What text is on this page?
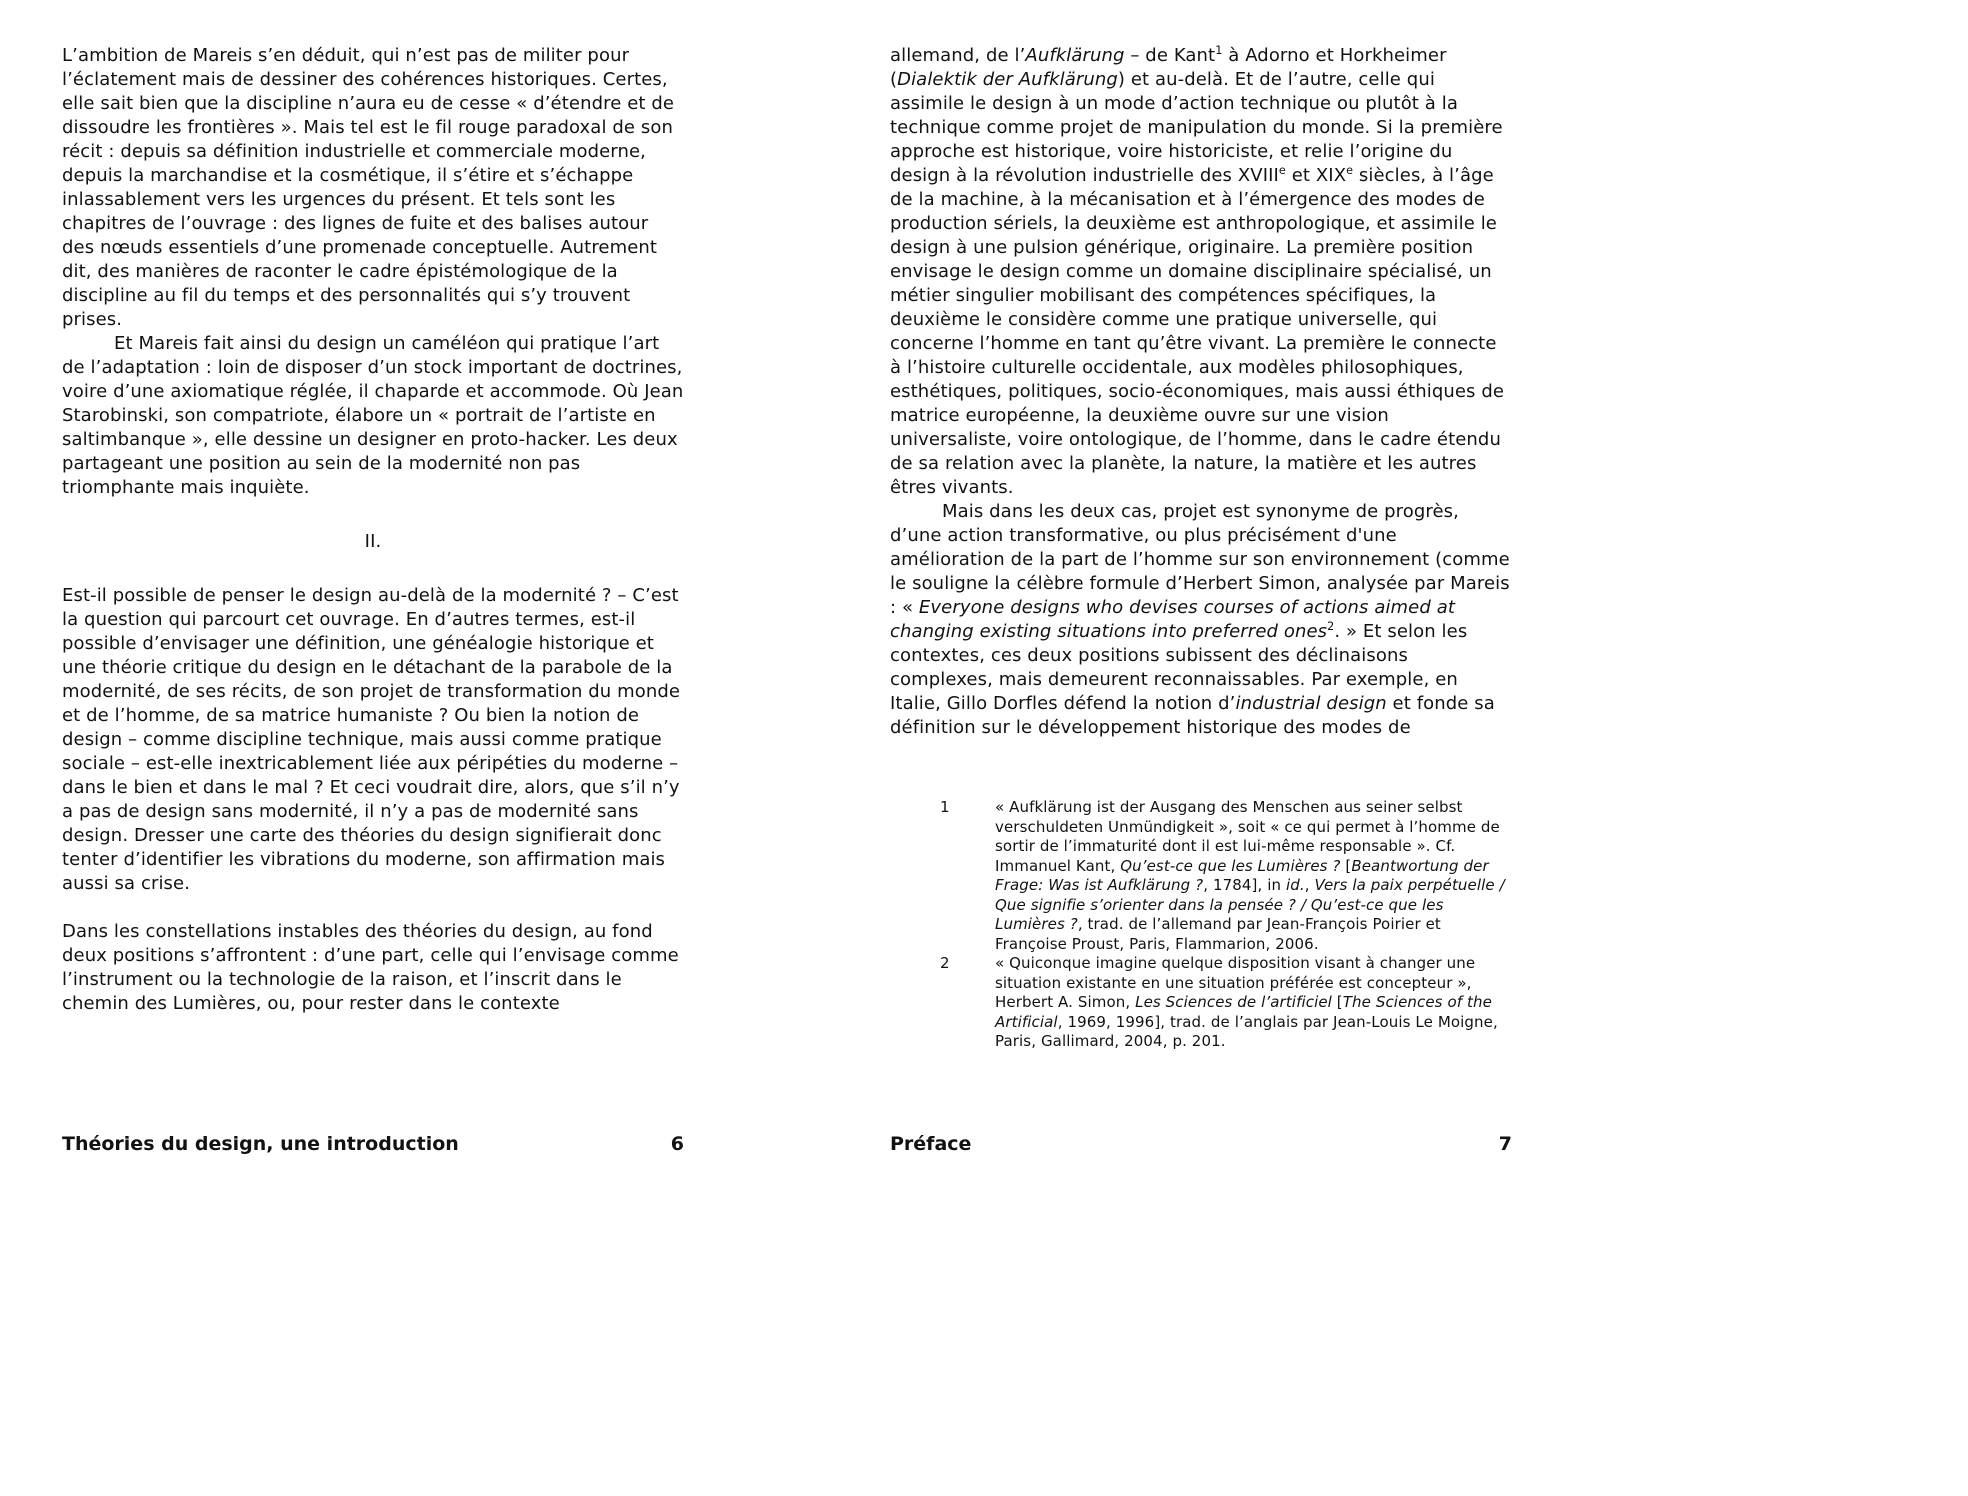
L’ambition de Mareis s’en déduit, qui n’est pas de militer pour l’éclatement mais de dessiner des cohérences historiques. Certes, elle sait bien que la discipline n’aura eu de cesse « d’étendre et de dissoudre les frontières ». Mais tel est le fil rouge paradoxal de son récit : depuis sa définition industrielle et commerciale moderne, depuis la marchandise et la cosmétique, il s’étire et s’échappe inlassablement vers les urgences du présent. Et tels sont les chapitres de l’ouvrage : des lignes de fuite et des balises autour des nœuds essentiels d’une promenade conceptuelle. Autrement dit, des manières de raconter le cadre épistémologique de la discipline au fil du temps et des personnalités qui s’y trouvent prises.

Et Mareis fait ainsi du design un caméléon qui pratique l’art de l’adaptation : loin de disposer d’un stock important de doctrines, voire d’une axiomatique réglée, il chaparde et accommode. Où Jean Starobinski, son compatriote, élabore un « portrait de l’artiste en saltimbanque », elle dessine un designer en proto-hacker. Les deux partageant une position au sein de la modernité non pas triomphante mais inquiète.

II.

Est-il possible de penser le design au-delà de la modernité ? – C’est la question qui parcourt cet ouvrage. En d’autres termes, est-il possible d’envisager une définition, une généalogie historique et une théorie critique du design en le détachant de la parabole de la modernité, de ses récits, de son projet de transformation du monde et de l’homme, de sa matrice humaniste ? Ou bien la notion de design – comme discipline technique, mais aussi comme pratique sociale – est-elle inextricablement liée aux péripéties du moderne – dans le bien et dans le mal ? Et ceci voudrait dire, alors, que s’il n’y a pas de design sans modernité, il n’y a pas de modernité sans design. Dresser une carte des théories du design signifierait donc tenter d’identifier les vibrations du moderne, son affirmation mais aussi sa crise.

Dans les constellations instables des théories du design, au fond deux positions s’affrontent : d’une part, celle qui l’envisage comme l’instrument ou la technologie de la raison, et l’inscrit dans le chemin des Lumières, ou, pour rester dans le contexte

Théories du design, une introduction	6

allemand, de l’Aufklärung – de Kant$^1$ à Adorno et Horkheimer (Dialektik der Aufklärung) et au-delà. Et de l’autre, celle qui assimile le design à un mode d’action technique ou plutôt à la technique comme projet de manipulation du monde. Si la première approche est historique, voire historiciste, et relie l’origine du design à la révolution industrielle des XVIIIe et XIXe siècles, à l’âge de la machine, à la mécanisation et à l’émergence des modes de production sériels, la deuxième est anthropologique, et assimile le design à une pulsion générique, originaire. La première position envisage le design comme un domaine disciplinaire spécialisé, un métier singulier mobilisant des compétences spécifiques, la deuxième le considère comme une pratique universelle, qui concerne l’homme en tant qu’être vivant. La première le connecte à l’histoire culturelle occidentale, aux modèles philosophiques, esthétiques, politiques, socio-économiques, mais aussi éthiques de matrice européenne, la deuxième ouvre sur une vision universaliste, voire ontologique, de l’homme, dans le cadre étendu de sa relation avec la planète, la nature, la matière et les autres êtres vivants.

Mais dans les deux cas, projet est synonyme de progrès, d’une action transformative, ou plus précisément d'une amélioration de la part de l’homme sur son environnement (comme le souligne la célèbre formule d’Herbert Simon, analysée par Mareis : « Everyone designs who devises courses of actions aimed at changing existing situations into preferred ones$^2$. » Et selon les contextes, ces deux positions subissent des déclinaisons complexes, mais demeurent reconnaissables. Par exemple, en Italie, Gillo Dorfles défend la notion d’industrial design et fonde sa définition sur le développement historique des modes de

1	« Aufklärung ist der Ausgang des Menschen aus seiner selbst verschuldeten Unmündigkeit », soit « ce qui permet à l’homme de sortir de l’immaturité dont il est lui-même responsable ». Cf. Immanuel Kant, Qu’est-ce que les Lumières ? [Beantwortung der Frage: Was ist Aufklärung ?, 1784], in id., Vers la paix perpétuelle / Que signifie s’orienter dans la pensée ? / Qu’est-ce que les Lumières ?, trad. de l’allemand par Jean-François Poirier et Françoise Proust, Paris, Flammarion, 2006.
2	« Quiconque imagine quelque disposition visant à changer une situation existante en une situation préférée est concepteur », Herbert A. Simon, Les Sciences de l’artificiel [The Sciences of the Artificial, 1969, 1996], trad. de l’anglais par Jean-Louis Le Moigne, Paris, Gallimard, 2004, p. 201.
Préface	7
